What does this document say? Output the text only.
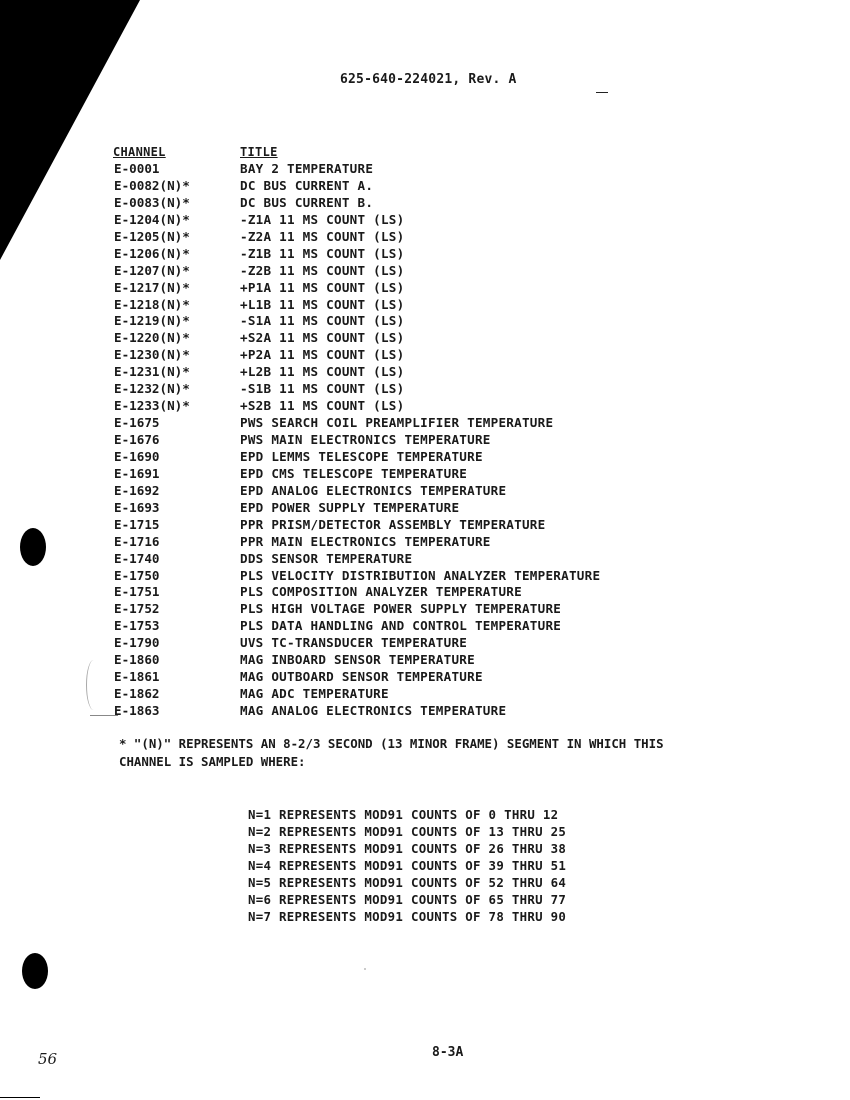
625-640-224021, Rev. A
CHANNEL	TITLE
E-0001	BAY 2 TEMPERATURE
E-0082(N)*	DC BUS CURRENT A.
E-0083(N)*	DC BUS CURRENT B.
E-1204(N)*	-Z1A 11 MS COUNT (LS)
E-1205(N)*	-Z2A 11 MS COUNT (LS)
E-1206(N)*	-Z1B 11 MS COUNT (LS)
E-1207(N)*	-Z2B 11 MS COUNT (LS)
E-1217(N)*	+P1A 11 MS COUNT (LS)
E-1218(N)*	+L1B 11 MS COUNT (LS)
E-1219(N)*	-S1A 11 MS COUNT (LS)
E-1220(N)*	+S2A 11 MS COUNT (LS)
E-1230(N)*	+P2A 11 MS COUNT (LS)
E-1231(N)*	+L2B 11 MS COUNT (LS)
E-1232(N)*	-S1B 11 MS COUNT (LS)
E-1233(N)*	+S2B 11 MS COUNT (LS)
E-1675	PWS SEARCH COIL PREAMPLIFIER TEMPERATURE
E-1676	PWS MAIN ELECTRONICS TEMPERATURE
E-1690	EPD LEMMS TELESCOPE TEMPERATURE
E-1691	EPD CMS TELESCOPE TEMPERATURE
E-1692	EPD ANALOG ELECTRONICS TEMPERATURE
E-1693	EPD POWER SUPPLY TEMPERATURE
E-1715	PPR PRISM/DETECTOR ASSEMBLY TEMPERATURE
E-1716	PPR MAIN ELECTRONICS TEMPERATURE
E-1740	DDS SENSOR TEMPERATURE
E-1750	PLS VELOCITY DISTRIBUTION ANALYZER TEMPERATURE
E-1751	PLS COMPOSITION ANALYZER TEMPERATURE
E-1752	PLS HIGH VOLTAGE POWER SUPPLY TEMPERATURE
E-1753	PLS DATA HANDLING AND CONTROL TEMPERATURE
E-1790	UVS TC-TRANSDUCER TEMPERATURE
E-1860	MAG INBOARD SENSOR TEMPERATURE
E-1861	MAG OUTBOARD SENSOR TEMPERATURE
E-1862	MAG ADC TEMPERATURE
E-1863	MAG ANALOG ELECTRONICS TEMPERATURE

* "(N)" REPRESENTS AN 8-2/3 SECOND (13 MINOR FRAME) SEGMENT IN WHICH THIS

CHANNEL IS SAMPLED WHERE:

N=1 REPRESENTS MOD91 COUNTS OF 0 THRU 12
N=2 REPRESENTS MOD91 COUNTS OF 13 THRU 25
N=3 REPRESENTS MOD91 COUNTS OF 26 THRU 38
N=4 REPRESENTS MOD91 COUNTS OF 39 THRU 51
N=5 REPRESENTS MOD91 COUNTS OF 52 THRU 64
N=6 REPRESENTS MOD91 COUNTS OF 65 THRU 77
N=7 REPRESENTS MOD91 COUNTS OF 78 THRU 90
8-3A
56
